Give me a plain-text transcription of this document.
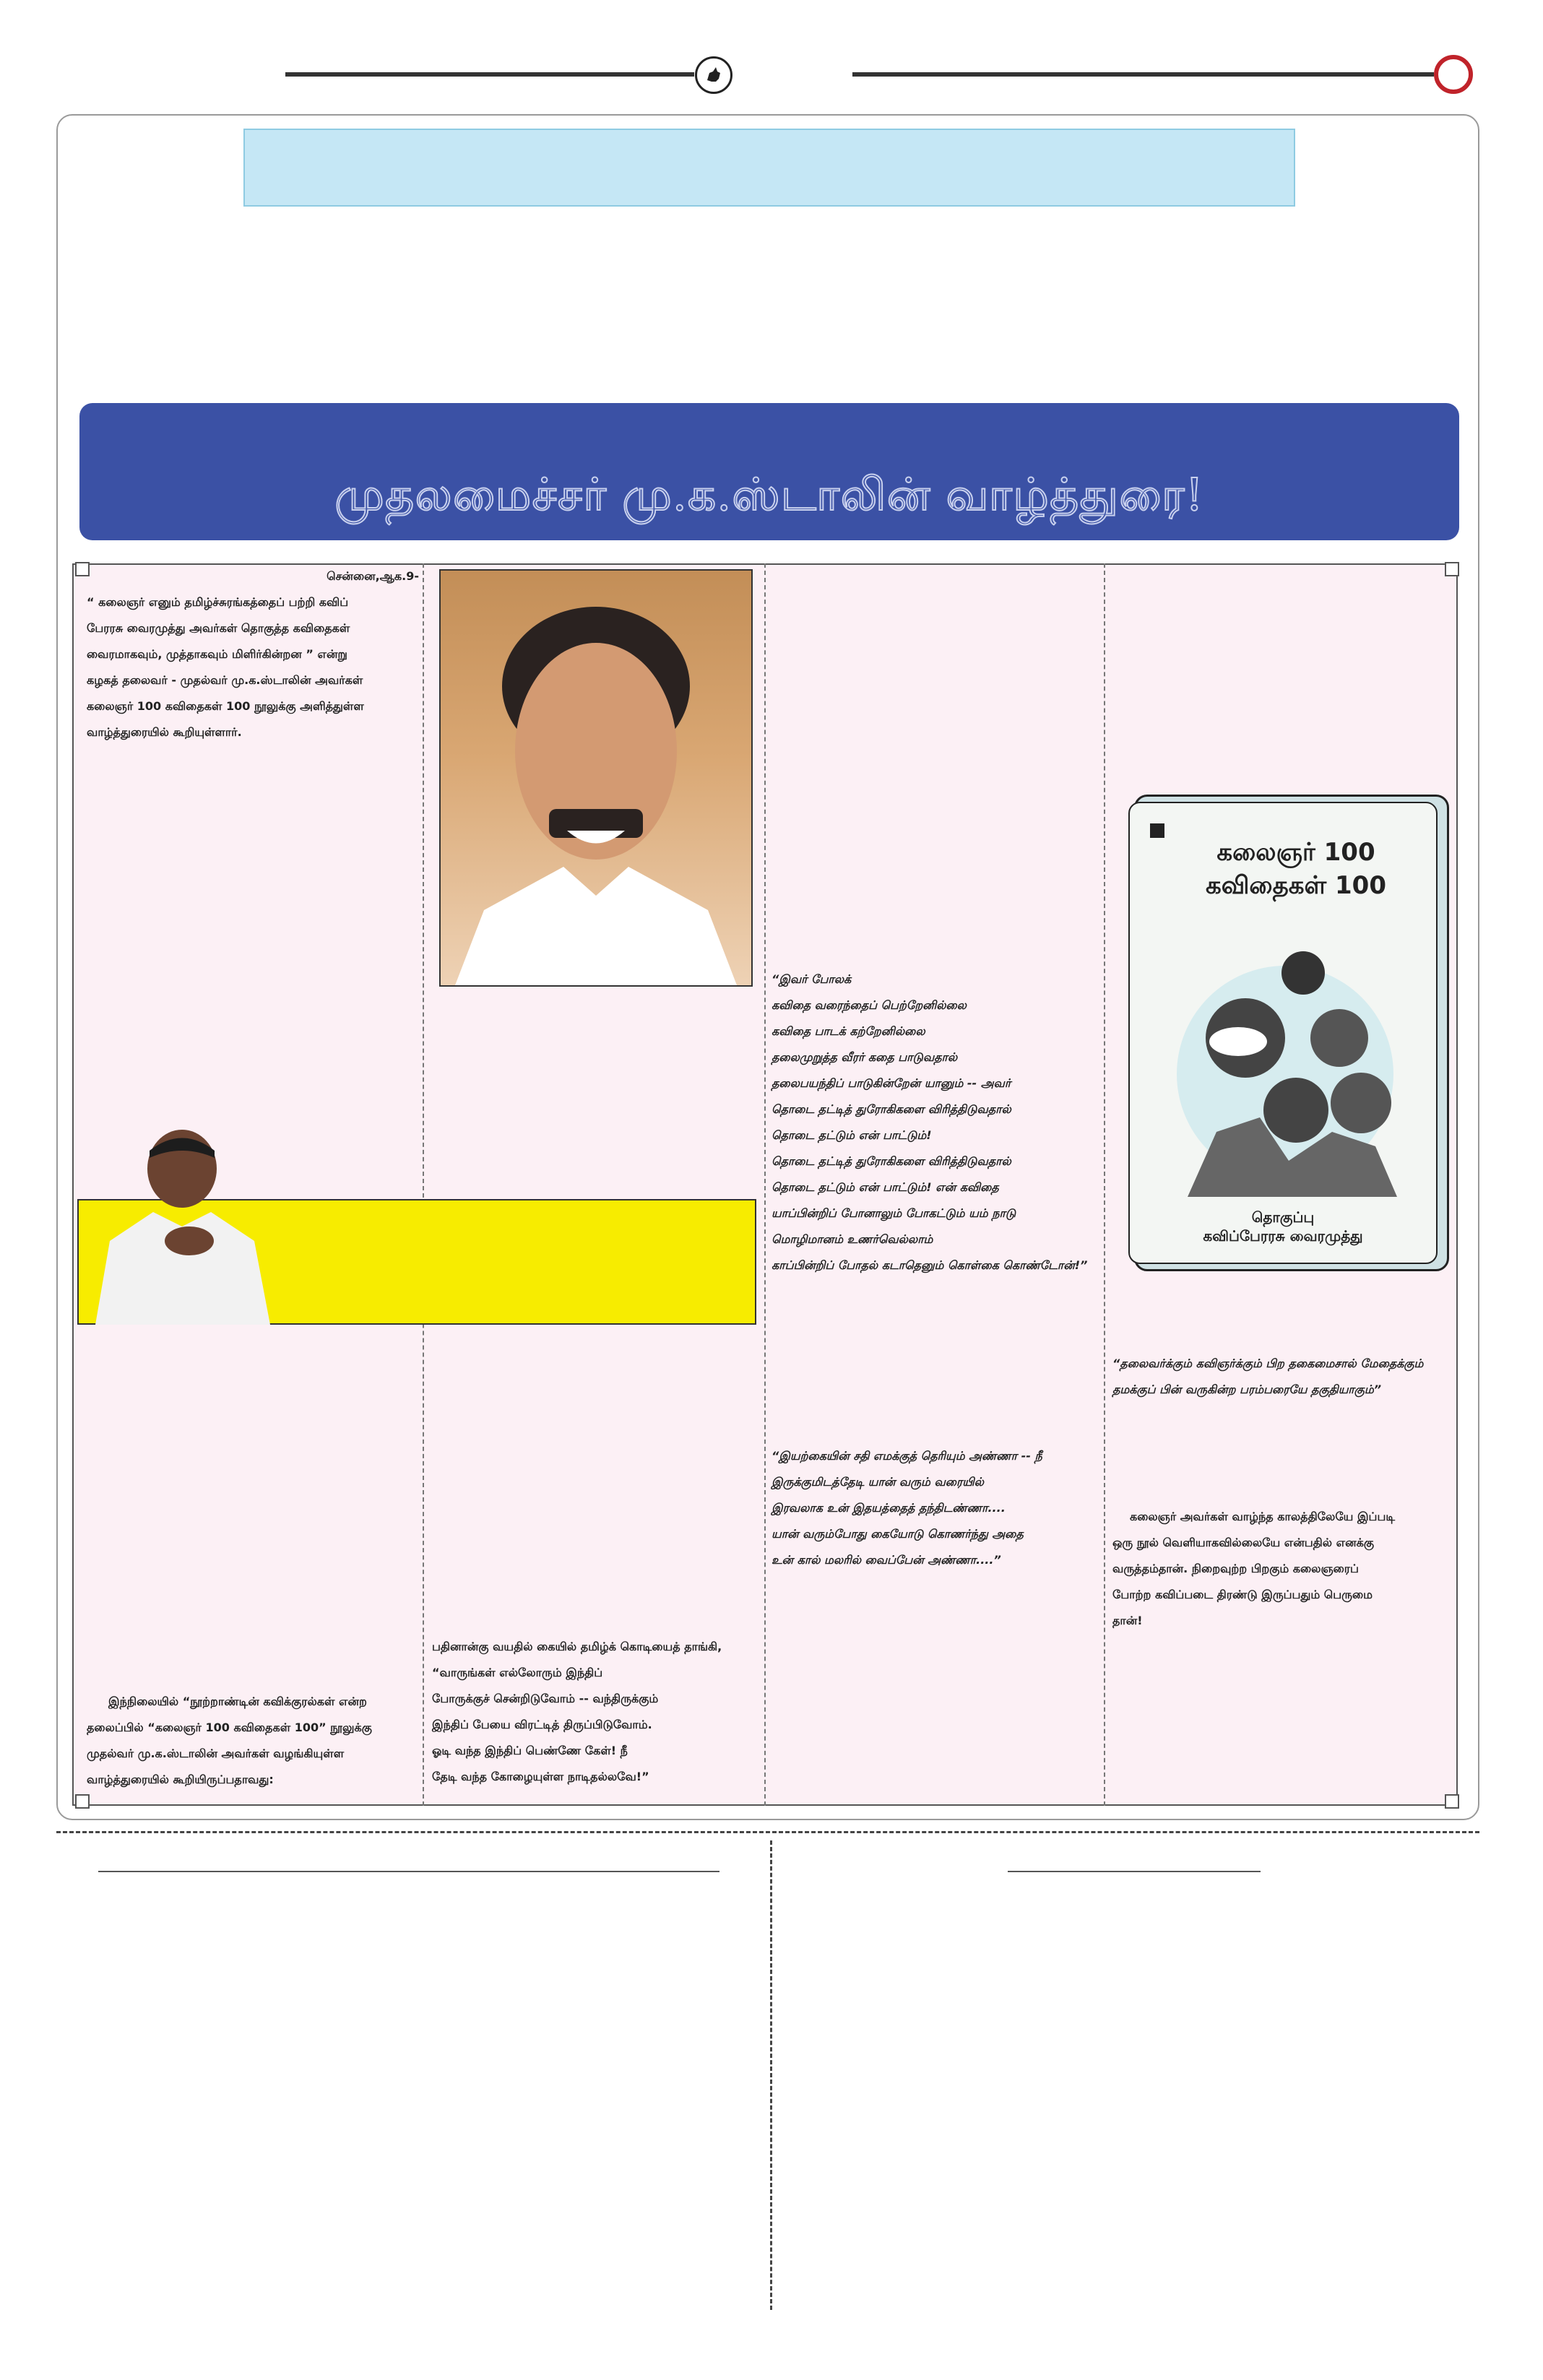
முதலமைச்சர் மு.க.ஸ்டாலின் வாழ்த்துரை!
சென்னை,ஆக.9-
“ கலைஞர் எனும் தமிழ்ச்சுரங்கத்தைப் பற்றி கவிப்
பேரரசு வைரமுத்து அவர்கள் தொகுத்த கவிதைகள்
வைரமாகவும், முத்தாகவும் மிளிர்கின்றன ” என்று
கழகத் தலைவர் - முதல்வர் மு.க.ஸ்டாலின் அவர்கள்
கலைஞர் 100 கவிதைகள் 100 நூலுக்கு அளித்துள்ள
வாழ்த்துரையில் கூறியுள்ளார்.
இந்நிலையில் “நூற்றாண்டின் கவிக்குரல்கள் என்ற
தலைப்பில் “கலைஞர் 100 கவிதைகள் 100” நூலுக்கு
முதல்வர் மு.க.ஸ்டாலின் அவர்கள் வழங்கியுள்ள
வாழ்த்துரையில் கூறியிருப்பதாவது:
பதினான்கு வயதில் கையில் தமிழ்க் கொடியைத் தாங்கி,
“வாருங்கள் எல்லோரும் இந்திப்
போருக்குச் சென்றிடுவோம் -- வந்திருக்கும்
இந்திப் பேயை விரட்டித் திருப்பிடுவோம்.
ஓடி வந்த இந்திப் பெண்ணே கேள்! நீ
தேடி வந்த கோழையுள்ள நாடிதல்லவே!”
“இவர் போலக்
கவிதை வரைந்தைப் பெற்றேனில்லை
கவிதை பாடக் கற்றேனில்லை
தலைமுறுத்த வீரர் கதை பாடுவதால்
தலைபயந்திப் பாடுகின்றேன் யானும் -- அவர்
தொடை தட்டித் துரோகிகளை விரித்திடுவதால்
தொடை தட்டும் என் பாட்டும்!
தொடை தட்டித் துரோகிகளை விரித்திடுவதால்
தொடை தட்டும் என் பாட்டும்! என் கவிதை
யாப்பின்றிப் போனாலும் போகட்டும் யம் நாடு
மொழிமானம் உணர்வெல்லாம்
காப்பின்றிப் போதல் கடாதெனும் கொள்கை கொண்டோன்!”
“இயற்கையின் சதி எமக்குத் தெரியும் அண்ணா -- நீ
இருக்குமிடத்தேடி யான் வரும் வரையில்
இரவலாக உன் இதயத்தைத் தந்திடண்ணா....
யான் வரும்போது கையோடு கொணர்ந்து அதை
உன் கால் மலரில் வைப்பேன் அண்ணா....”
கலைஞர் 100
கவிதைகள் 100
தொகுப்பு
கவிப்பேரரசு வைரமுத்து
“தலைவர்க்கும் கவிஞர்க்கும் பிற தகைமைசால் மேதைக்கும்
தமக்குப் பின் வருகின்ற பரம்பரையே தகுதியாகும்”
கலைஞர் அவர்கள் வாழ்ந்த காலத்திலேயே இப்படி
ஒரு நூல் வெளியாகவில்லையே என்பதில் எனக்கு
வருத்தம்தான். நிறைவுற்ற பிறகும் கலைஞரைப்
போற்ற கவிப்படை திரண்டு இருப்பதும் பெருமை
தான்!
